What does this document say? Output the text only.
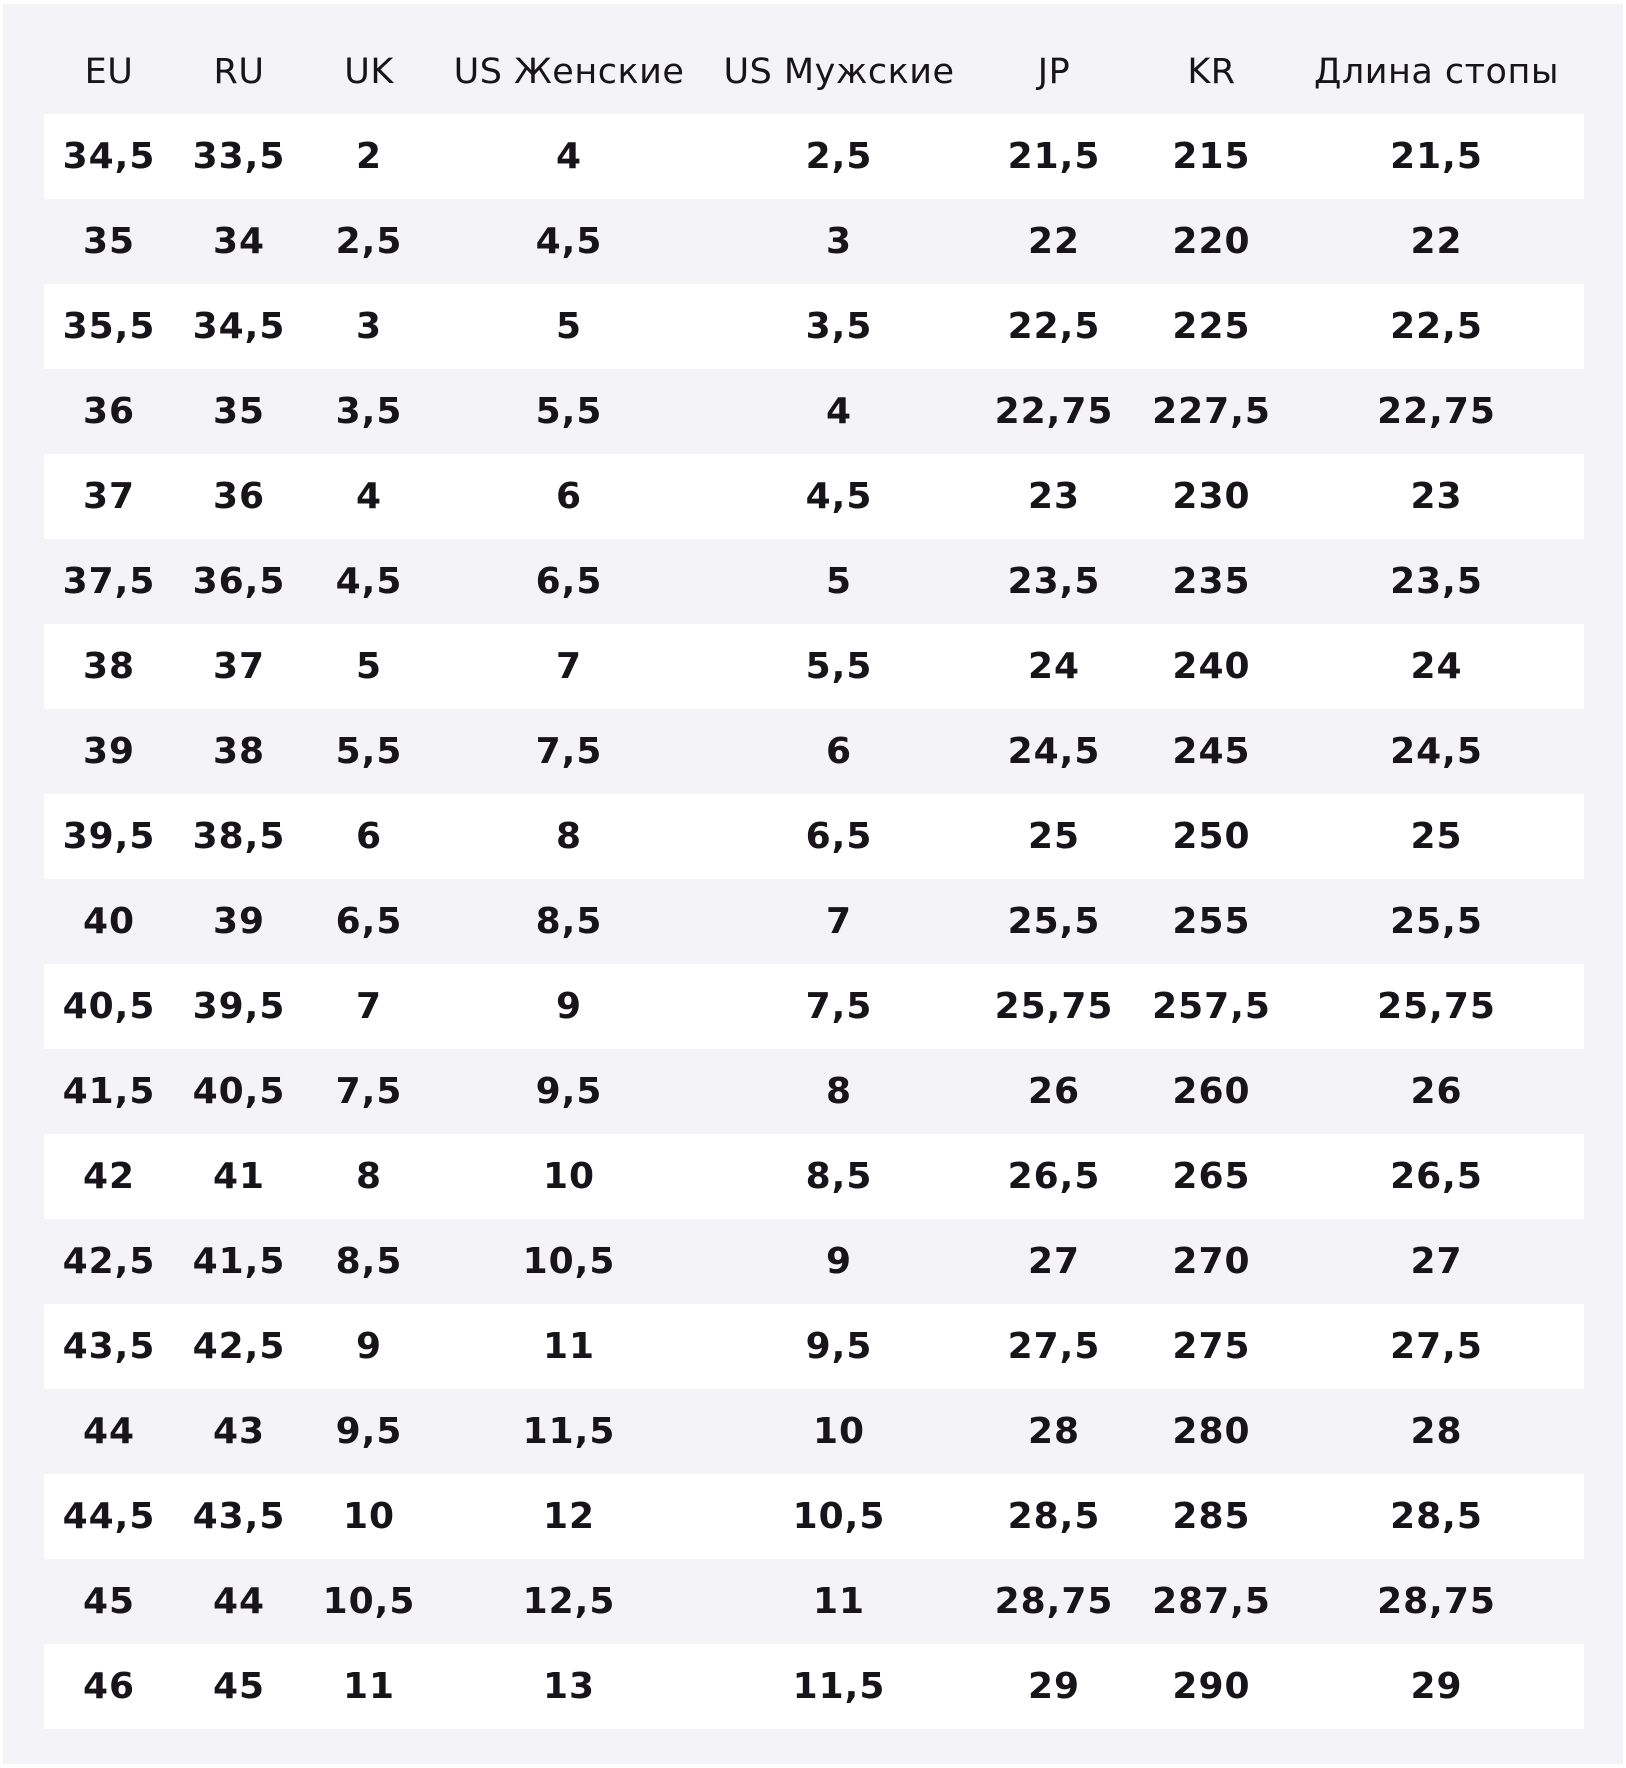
EU	RU	UK	US Женские	US Мужские	JP	KR	Длина стопы
34,5	33,5	2	4	2,5	21,5	215	21,5
35	34	2,5	4,5	3	22	220	22
35,5	34,5	3	5	3,5	22,5	225	22,5
36	35	3,5	5,5	4	22,75	227,5	22,75
37	36	4	6	4,5	23	230	23
37,5	36,5	4,5	6,5	5	23,5	235	23,5
38	37	5	7	5,5	24	240	24
39	38	5,5	7,5	6	24,5	245	24,5
39,5	38,5	6	8	6,5	25	250	25
40	39	6,5	8,5	7	25,5	255	25,5
40,5	39,5	7	9	7,5	25,75	257,5	25,75
41,5	40,5	7,5	9,5	8	26	260	26
42	41	8	10	8,5	26,5	265	26,5
42,5	41,5	8,5	10,5	9	27	270	27
43,5	42,5	9	11	9,5	27,5	275	27,5
44	43	9,5	11,5	10	28	280	28
44,5	43,5	10	12	10,5	28,5	285	28,5
45	44	10,5	12,5	11	28,75	287,5	28,75
46	45	11	13	11,5	29	290	29
